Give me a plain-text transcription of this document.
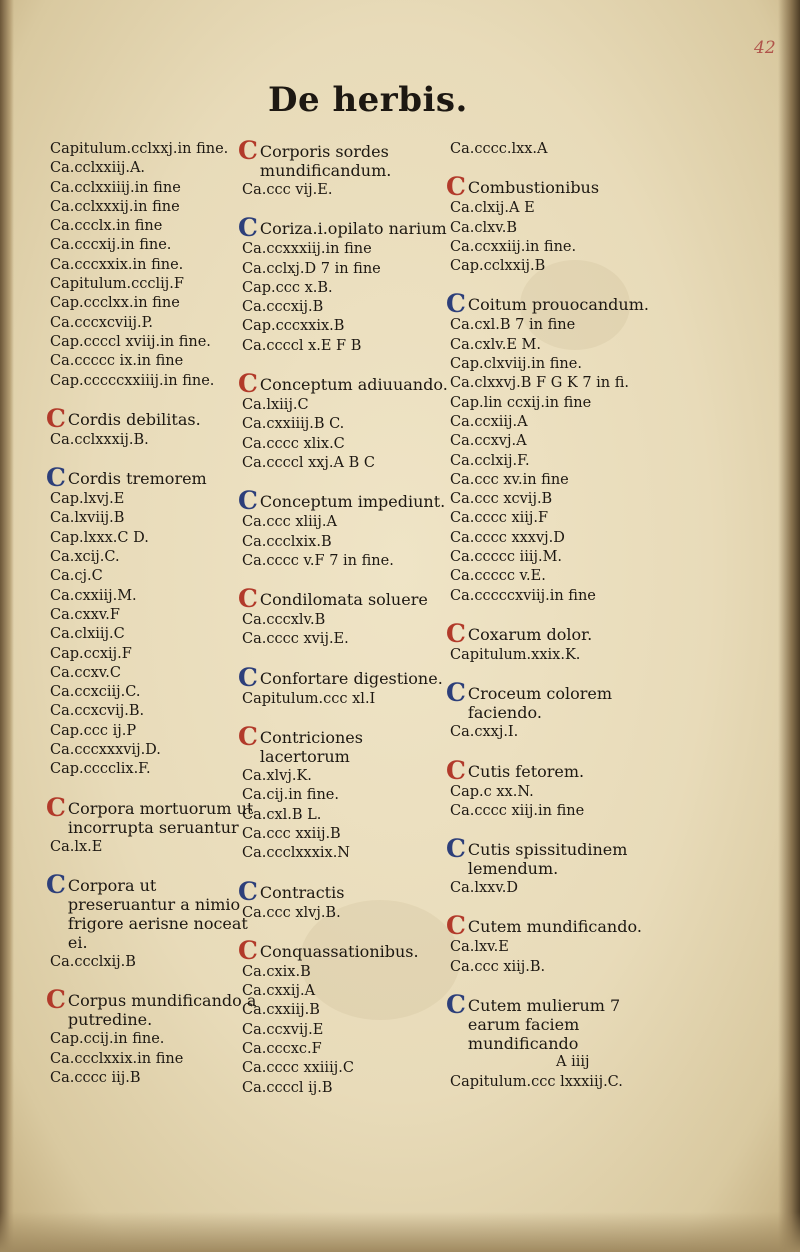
42
De herbis.
Capitulum.cclxxj.in fine.
Ca.cclxxiij.A.
Ca.cclxxiiij.in fine
Ca.cclxxxij.in fine
Ca.ccclx.in fine
Ca.cccxij.in fine.
Ca.cccxxix.in fine.
Capitulum.ccclij.F
Cap.ccclxx.in fine
Ca.cccxcviij.P.
Cap.ccccl xviij.in fine.
Ca.ccccc ix.in fine
Cap.cccccxxiiij.in fine.
C Cordis debilitas.
Ca.cclxxxij.B.
C Cordis tremorem
Cap.lxvj.E
Ca.lxviij.B
Cap.lxxx.C D.
Ca.xcij.C.
Ca.cj.C
Ca.cxxiij.M.
Ca.cxxv.F
Ca.clxiij.C
Cap.ccxij.F
Ca.ccxv.C
Ca.ccxciij.C.
Ca.ccxcvij.B.
Cap.ccc ij.P
Ca.cccxxxvij.D.
Cap.cccclix.F.
C Corpora mortuorum ut incorrupta seruantur
Ca.lx.E
C Corpora ut preseruantur a nimio frigore aerisne noceat ei.
Ca.ccclxij.B
C Corpus mundificando a putredine.
Cap.ccij.in fine.
Ca.ccclxxix.in fine
Ca.cccc iij.B
C Corporis sordes mundificandum.
Ca.ccc vij.E.
C Coriza.i.opilato narium
Ca.ccxxxiij.in fine
Ca.cclxj.D 7 in fine
Cap.ccc x.B.
Ca.cccxij.B
Cap.cccxxix.B
Ca.ccccl x.E F B
C Conceptum adiuuando.
Ca.lxiij.C
Ca.cxxiiij.B C.
Ca.cccc xlix.C
Ca.ccccl xxj.A B C
C Conceptum impediunt.
Ca.ccc xliij.A
Ca.ccclxix.B
Ca.cccc v.F 7 in fine.
C Condilomata soluere
Ca.cccxlv.B
Ca.cccc xvij.E.
C Confortare digestione.
Capitulum.ccc xl.I
C Contriciones lacertorum
Ca.xlvj.K.
Ca.cij.in fine.
Ca.cxl.B L.
Ca.ccc xxiij.B
Ca.ccclxxxix.N
C Contractis
Ca.ccc xlvj.B.
C Conquassationibus.
Ca.cxix.B
Ca.cxxij.A
Ca.cxxiij.B
Ca.ccxvij.E
Ca.cccxc.F
Ca.cccc xxiiij.C
Ca.ccccl ij.B
Ca.cccc.lxx.A
C Combustionibus
Ca.clxij.A E
Ca.clxv.B
Ca.ccxxiij.in fine.
Cap.cclxxij.B
C Coitum prouocandum.
Ca.cxl.B 7 in fine
Ca.cxlv.E M.
Cap.clxviij.in fine.
Ca.clxxvj.B F G K 7 in fi.
Cap.lin ccxij.in fine
Ca.ccxiij.A
Ca.ccxvj.A
Ca.cclxij.F.
Ca.ccc xv.in fine
Ca.ccc xcvij.B
Ca.cccc xiij.F
Ca.cccc xxxvj.D
Ca.ccccc iiij.M.
Ca.ccccc v.E.
Ca.cccccxviij.in fine
C Coxarum dolor.
Capitulum.xxix.K.
C Croceum colorem faciendo.
Ca.cxxj.I.
C Cutis fetorem.
Cap.c xx.N.
Ca.cccc xiij.in fine
C Cutis spissitudinem lemendum.
Ca.lxxv.D
C Cutem mundificando.
Ca.lxv.E
Ca.ccc xiij.B.
C Cutem mulierum 7 earum faciem mundificando

Capitulum.ccc lxxxiij.C.
A iiij
